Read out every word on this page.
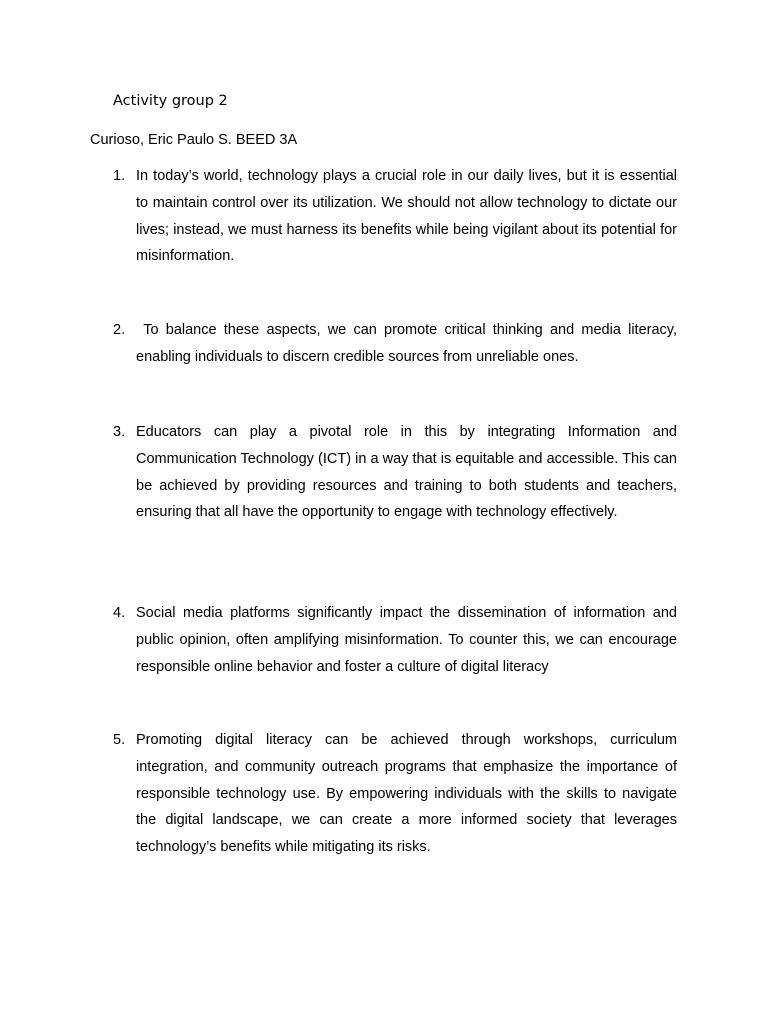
Activity group 2
Curioso, Eric Paulo S. BEED 3A
1. In today’s world, technology plays a crucial role in our daily lives, but it is essential to maintain control over its utilization. We should not allow technology to dictate our lives; instead, we must harness its benefits while being vigilant about its potential for misinformation.
2. To balance these aspects, we can promote critical thinking and media literacy, enabling individuals to discern credible sources from unreliable ones.
3. Educators can play a pivotal role in this by integrating Information and Communication Technology (ICT) in a way that is equitable and accessible. This can be achieved by providing resources and training to both students and teachers, ensuring that all have the opportunity to engage with technology effectively.
4. Social media platforms significantly impact the dissemination of information and public opinion, often amplifying misinformation. To counter this, we can encourage responsible online behavior and foster a culture of digital literacy
5. Promoting digital literacy can be achieved through workshops, curriculum integration, and community outreach programs that emphasize the importance of responsible technology use. By empowering individuals with the skills to navigate the digital landscape, we can create a more informed society that leverages technology’s benefits while mitigating its risks.
